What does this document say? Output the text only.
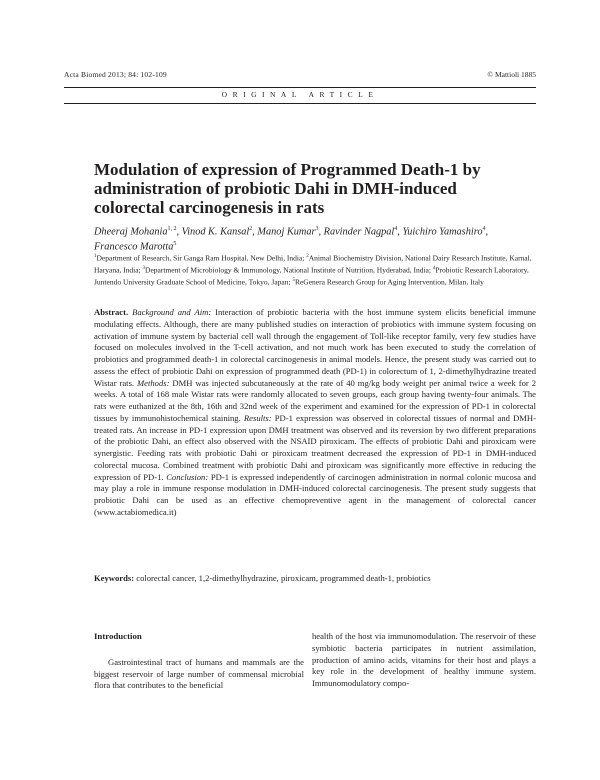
Acta Biomed 2013; 84: 102-109	© Mattioli 1885
ORIGINAL ARTICLE
Modulation of expression of Programmed Death-1 by administration of probiotic Dahi in DMH-induced colorectal carcinogenesis in rats
Dheeraj Mohania$^{1, 2}$, Vinod K. Kansal$^2$, Manoj Kumar$^3$, Ravinder Nagpal$^4$, Yuichiro Yamashiro$^4$, Francesco Marotta$^5$
$^1$Department of Research, Sir Ganga Ram Hospital, New Delhi, India; $^2$Animal Biochemistry Division, National Dairy Research Institute, Karnal, Haryana, India; $^3$Department of Microbiology & Immunology, National Institute of Nutrition, Hyderabad, India; $^4$Probiotic Research Laboratory, Juntendo University Graduate School of Medicine, Tokyo, Japan; $^5$ReGenera Research Group for Aging Intervention, Milan, Italy
Abstract. Background and Aim: Interaction of probiotic bacteria with the host immune system elicits beneficial immune modulating effects. Although, there are many published studies on interaction of probiotics with immune system focusing on activation of immune system by bacterial cell wall through the engagement of Toll-like receptor family, very few studies have focused on molecules involved in the T-cell activation, and not much work has been executed to study the correlation of probiotics and programmed death-1 in colorectal carcinogenesis in animal models. Hence, the present study was carried out to assess the effect of probiotic Dahi on expression of programmed death (PD-1) in colorectum of 1, 2-dimethylhydrazine treated Wistar rats. Methods: DMH was injected subcutaneously at the rate of 40 mg/kg body weight per animal twice a week for 2 weeks. A total of 168 male Wistar rats were randomly allocated to seven groups, each group having twenty-four animals. The rats were euthanized at the 8th, 16th and 32nd week of the experiment and examined for the expression of PD-1 in colorectal tissues by immunohistochemical staining. Results: PD-1 expression was observed in colorectal tissues of normal and DMH-treated rats. An increase in PD-1 expression upon DMH treatment was observed and its reversion by two different preparations of the probiotic Dahi, an effect also observed with the NSAID piroxicam. The effects of probiotic Dahi and piroxicam were synergistic. Feeding rats with probiotic Dahi or piroxicam treatment decreased the expression of PD-1 in DMH-induced colorectal mucosa. Combined treatment with probiotic Dahi and piroxicam was significantly more effective in reducing the expression of PD-1. Conclusion: PD-1 is expressed independently of carcinogen administration in normal colonic mucosa and may play a role in immune response modulation in DMH-induced colorectal carcinogenesis. The present study suggests that probiotic Dahi can be used as an effective chemopreventive agent in the management of colorectal cancer (www.actabiomedica.it)
Keywords: colorectal cancer, 1,2-dimethylhydrazine, piroxicam, programmed death-1, probiotics

Introduction

Gastrointestinal tract of humans and mammals are the biggest reservoir of large number of commensal microbial flora that contributes to the beneficial

health of the host via immunomodulation. The reservoir of these symbiotic bacteria participates in nutrient assimilation, production of amino acids, vitamins for their host and plays a key role in the development of healthy immune system. Immunomodulatory compo-
